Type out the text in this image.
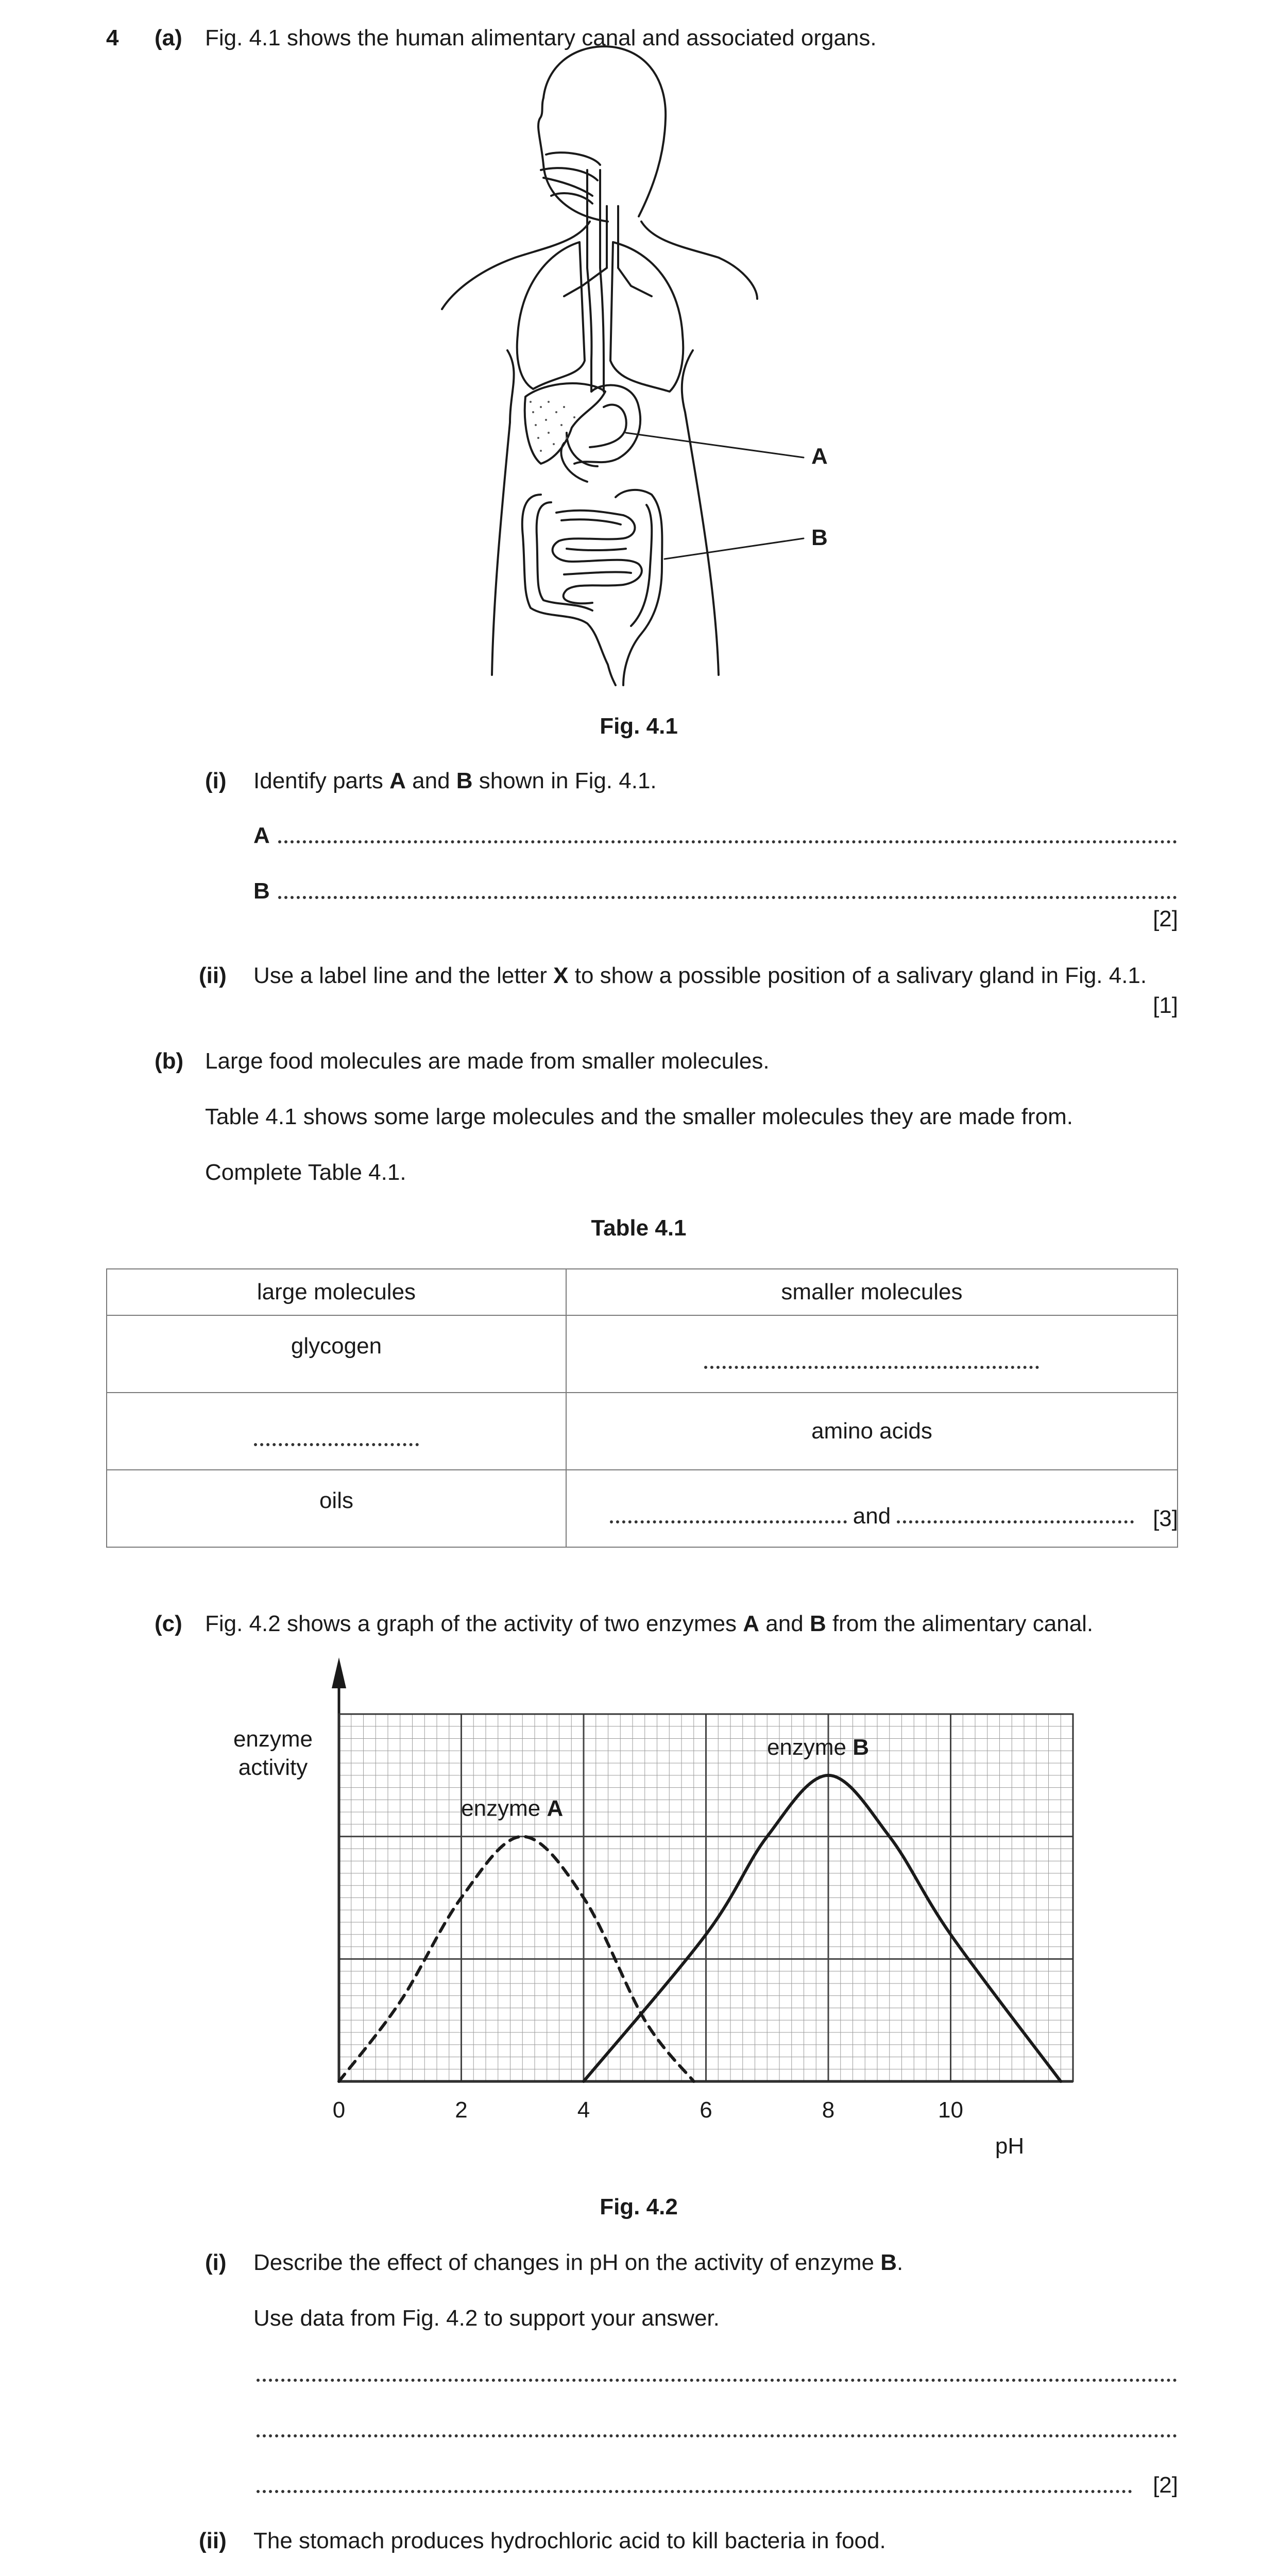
4 (a) Fig. 4.1 shows the human alimentary canal and associated organs.
A
B
Fig. 4.1
(i) Identify parts A and B shown in Fig. 4.1.
A
B
[2]
(ii) Use a label line and the letter X to show a possible position of a salivary gland in Fig. 4.1.
[1]
(b) Large food molecules are made from smaller molecules.
Table 4.1 shows some large molecules and the smaller molecules they are made from.
Complete Table 4.1.
Table 4.1
large molecules	smaller molecules
glycogen	
	amino acids
oils	and	[3]
(c) Fig. 4.2 shows a graph of the activity of two enzymes A and B from the alimentary canal.
0	2	4	6	8	10
pH
enzyme
activity
enzyme A
enzyme B
Fig. 4.2
(i) Describe the effect of changes in pH on the activity of enzyme B.
Use data from Fig. 4.2 to support your answer.
[2]
(ii) The stomach produces hydrochloric acid to kill bacteria in food.
